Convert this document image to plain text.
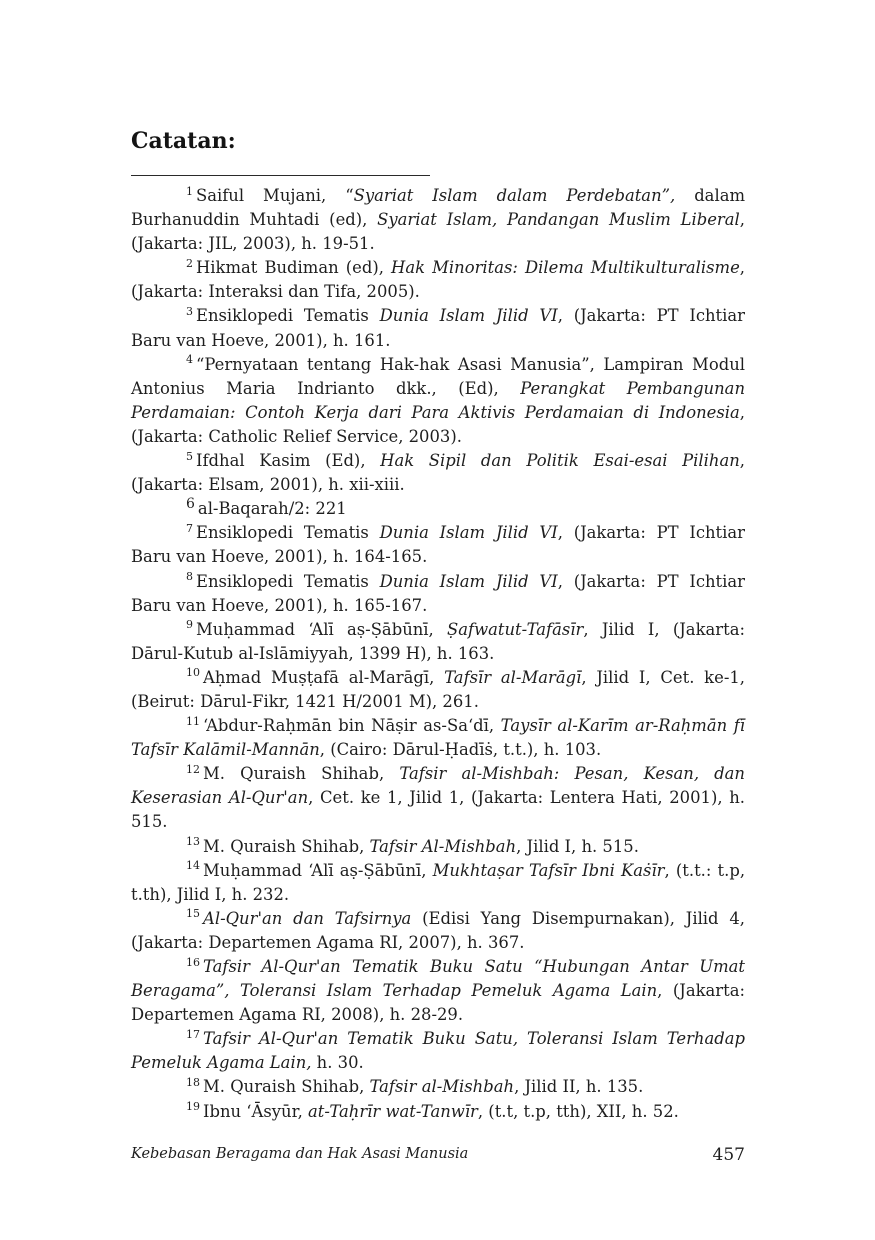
Catatan:

$^1$ Saiful Mujani, “Syariat Islam dalam Perdebatan”, dalam Burhanuddin Muhtadi (ed), Syariat Islam, Pandangan Muslim Liberal, (Jakarta: JIL, 2003), h. 19-51.

$^2$ Hikmat Budiman (ed), Hak Minoritas: Dilema Multikulturalisme, (Jakarta: Interaksi dan Tifa, 2005).

$^3$ Ensiklopedi Tematis Dunia Islam Jilid VI, (Jakarta: PT Ichtiar Baru van Hoeve, 2001), h. 161.

$^4$ “Pernyataan tentang Hak-hak Asasi Manusia”, Lampiran Modul Antonius Maria Indrianto dkk., (Ed), Perangkat Pembangunan Perdamaian: Contoh Kerja dari Para Aktivis Perdamaian di Indonesia, (Jakarta: Catholic Relief Service, 2003).

$^5$ Ifdhal Kasim (Ed), Hak Sipil dan Politik Esai-esai Pilihan, (Jakarta: Elsam, 2001), h. xii-xiii.

6 al-Baqarah/2: 221

$^7$ Ensiklopedi Tematis Dunia Islam Jilid VI, (Jakarta: PT Ichtiar Baru van Hoeve, 2001), h. 164-165.

$^8$ Ensiklopedi Tematis Dunia Islam Jilid VI, (Jakarta: PT Ichtiar Baru van Hoeve, 2001), h. 165-167.

$^9$ Muḥammad ‘Alī aṣ-Ṣābūnī, Ṣafwatut-Tafāsīr, Jilid I, (Jakarta: Dārul-Kutub al-Islāmiyyah, 1399 H), h. 163.

$^{10}$ Aḥmad Muṣṭafā al-Marāgī, Tafsīr al-Marāgī, Jilid I, Cet. ke-1, (Beirut: Dārul-Fikr, 1421 H/2001 M), 261.

$^{11}$ ‘Abdur-Raḥmān bin Nāṣir as-Sa‘dī, Taysīr al-Karīm ar-Raḥmān fī Tafsīr Kalāmil-Mannān, (Cairo: Dārul-Ḥadīṡ, t.t.), h. 103.

$^{12}$ M. Quraish Shihab, Tafsir al-Mishbah: Pesan, Kesan, dan Keserasian Al-Qur'an, Cet. ke 1, Jilid 1, (Jakarta: Lentera Hati, 2001), h. 515.

$^{13}$ M. Quraish Shihab, Tafsir Al-Mishbah, Jilid I, h. 515.

$^{14}$ Muḥammad ‘Alī aṣ-Ṣābūnī, Mukhtaṣar Tafsīr Ibni Kaṡīr, (t.t.: t.p, t.th), Jilid I, h. 232.

$^{15}$ Al-Qur'an dan Tafsirnya (Edisi Yang Disempurnakan), Jilid 4, (Jakarta: Departemen Agama RI, 2007), h. 367.

$^{16}$ Tafsir Al-Qur'an Tematik Buku Satu “Hubungan Antar Umat Beragama”, Toleransi Islam Terhadap Pemeluk Agama Lain, (Jakarta: Departemen Agama RI, 2008), h. 28-29.

$^{17}$ Tafsir Al-Qur'an Tematik Buku Satu, Toleransi Islam Terhadap Pemeluk Agama Lain, h. 30.

$^{18}$ M. Quraish Shihab, Tafsir al-Mishbah, Jilid II, h. 135.

$^{19}$ Ibnu ‘Āsyūr, at-Taḥrīr wat-Tanwīr, (t.t, t.p, tth), XII, h. 52.

Kebebasan Beragama dan Hak Asasi Manusia	457
